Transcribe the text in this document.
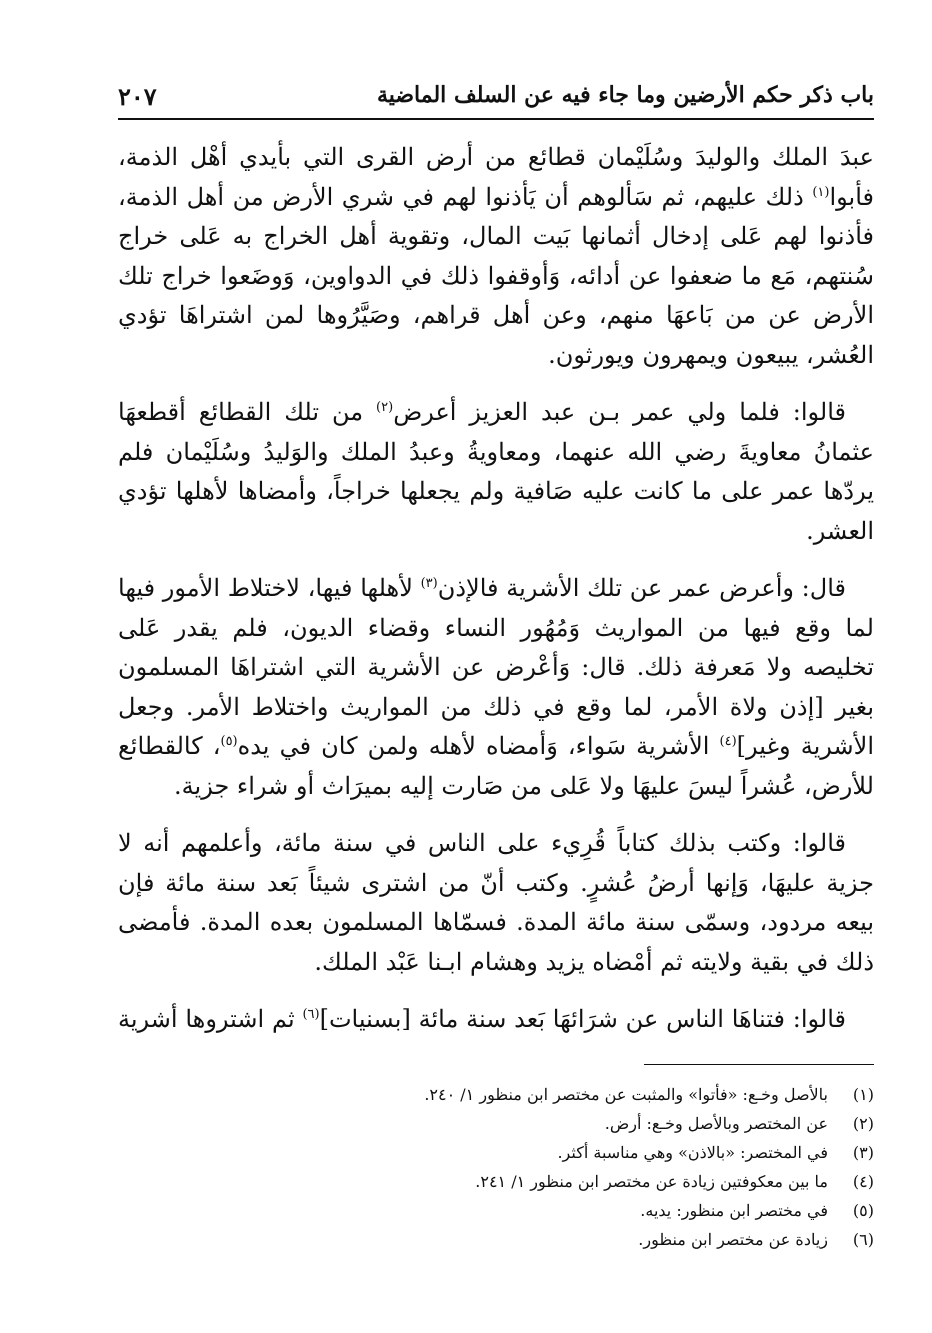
باب ذكر حكم الأرضين وما جاء فيه عن السلف الماضية
٢٠٧

عبدَ الملك والوليدَ وسُلَيْمان قطائع من أرض القرى التي بأيدي أهْل الذمة، فأبوا$^{(١)}$ ذلك عليهم، ثم سَألوهم أن يَأذنوا لهم في شري الأرض من أهل الذمة، فأذنوا لهم عَلى إدخال أثمانها بَيت المال، وتقوية أهل الخراج به عَلى خراج سُنتهم، مَع ما ضعفوا عن أدائه، وَأوقفوا ذلك في الدواوين، وَوضَعوا خراج تلك الأرض عن من بَاعهَا منهم، وعن أهل قراهم، وصَيَّرُوها لمن اشتراهَا تؤدي العُشر، يبيعون ويمهرون ويورثون.

قالوا: فلما ولي عمر بـن عبد العزيز أعرض$^{(٢)}$ من تلك القطائع أقطعهَا عثمانُ معاويةَ رضي الله عنهما، ومعاويةُ وعبدُ الملك والوَليدُ وسُلَيْمان فلم يردّها عمر على ما كانت عليه صَافية ولم يجعلها خراجاً، وأمضاها لأهلها تؤدي العشر.

قال: وأعرض عمر عن تلك الأشرية فالإذن$^{(٣)}$ لأهلها فيها، لاختلاط الأمور فيها لما وقع فيها من المواريث وَمُهُور النساء وقضاء الديون، فلم يقدر عَلى تخليصه ولا مَعرفة ذلك. قال: وَأعْرض عن الأشرية التي اشتراهَا المسلمون بغير [إذن ولاة الأمر، لما وقع في ذلك من المواريث واختلاط الأمر. وجعل الأشرية وغير]$^{(٤)}$ الأشرية سَواء، وَأمضاه لأهله ولمن كان في يده$^{(٥)}$، كالقطائع للأرض، عُشراً ليسَ عليهَا ولا عَلى من صَارت إليه بميرَاث أو شراء جزية.

قالوا: وكتب بذلك كتاباً قُرِيء على الناس في سنة مائة، وأعلمهم أنه لا جزية عليهَا، وَإنها أرضُ عُشرٍ. وكتب أنّ من اشترى شيئاً بَعد سنة مائة فإن بيعه مردود، وسمّى سنة مائة المدة. فسمّاها المسلمون بعده المدة. فأمضى ذلك في بقية ولايته ثم أمْضاه يزيد وهشام ابـنا عَبْد الملك.

قالوا: فتناهَا الناس عن شرَائهَا بَعد سنة مائة [بسنيات]$^{(٦)}$ ثم اشتروها أشرية

(١)
بالأصل وخـع: «فأتوا» والمثبت عن مختصر ابن منظور ١/ ٢٤٠.
(٢)
عن المختصر وبالأصل وخـع: أرض.
(٣)
في المختصر: «بالاذن» وهي مناسبة أكثر.
(٤)
ما بين معكوفتين زيادة عن مختصر ابن منظور ١/ ٢٤١.
(٥)
في مختصر ابن منظور: يديه.
(٦)
زيادة عن مختصر ابن منظور.
